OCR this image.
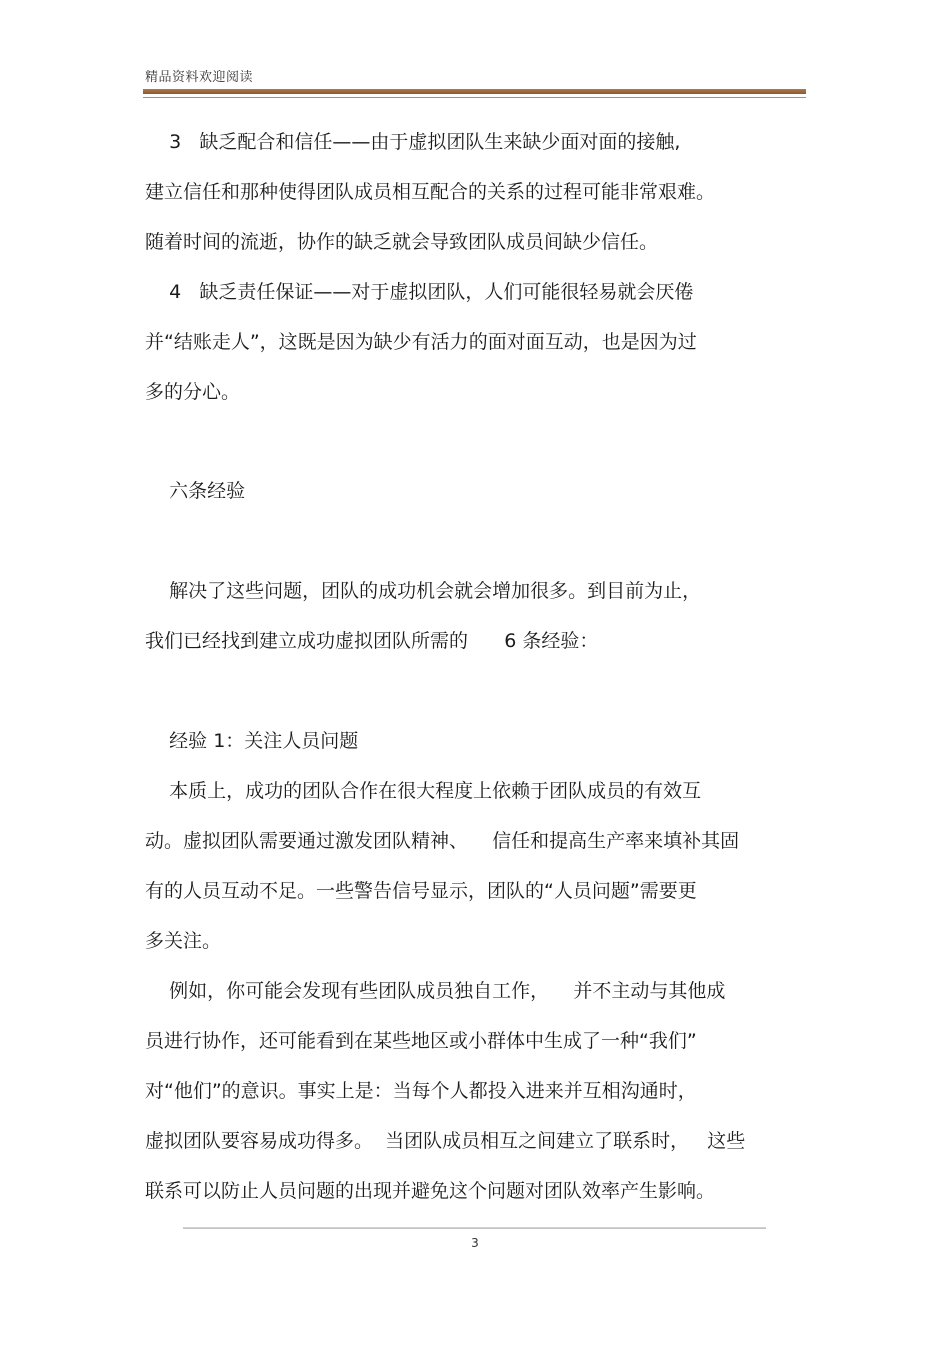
精品资料欢迎阅读
3   缺乏配合和信任——由于虚拟团队生来缺少面对面的接触,
建立信任和那种使得团队成员相互配合的关系的过程可能非常艰难。
随着时间的流逝，协作的缺乏就会导致团队成员间缺少信任。
4   缺乏责任保证——对于虚拟团队，人们可能很轻易就会厌倦
并“结账走人”，这既是因为缺少有活力的面对面互动，也是因为过
多的分心。
六条经验
解决了这些问题，团队的成功机会就会增加很多。到目前为止，
我们已经找到建立成功虚拟团队所需的      6 条经验：
经验 1：关注人员问题
本质上，成功的团队合作在很大程度上依赖于团队成员的有效互
动。虚拟团队需要通过激发团队精神、    信任和提高生产率来填补其固
有的人员互动不足。一些警告信号显示，团队的“人员问题”需要更
多关注。
例如，你可能会发现有些团队成员独自工作，    并不主动与其他成
员进行协作，还可能看到在某些地区或小群体中生成了一种“我们”
对“他们”的意识。事实上是：当每个人都投入进来并互相沟通时，
虚拟团队要容易成功得多。  当团队成员相互之间建立了联系时，   这些
联系可以防止人员问题的出现并避免这个问题对团队效率产生影响。
3
